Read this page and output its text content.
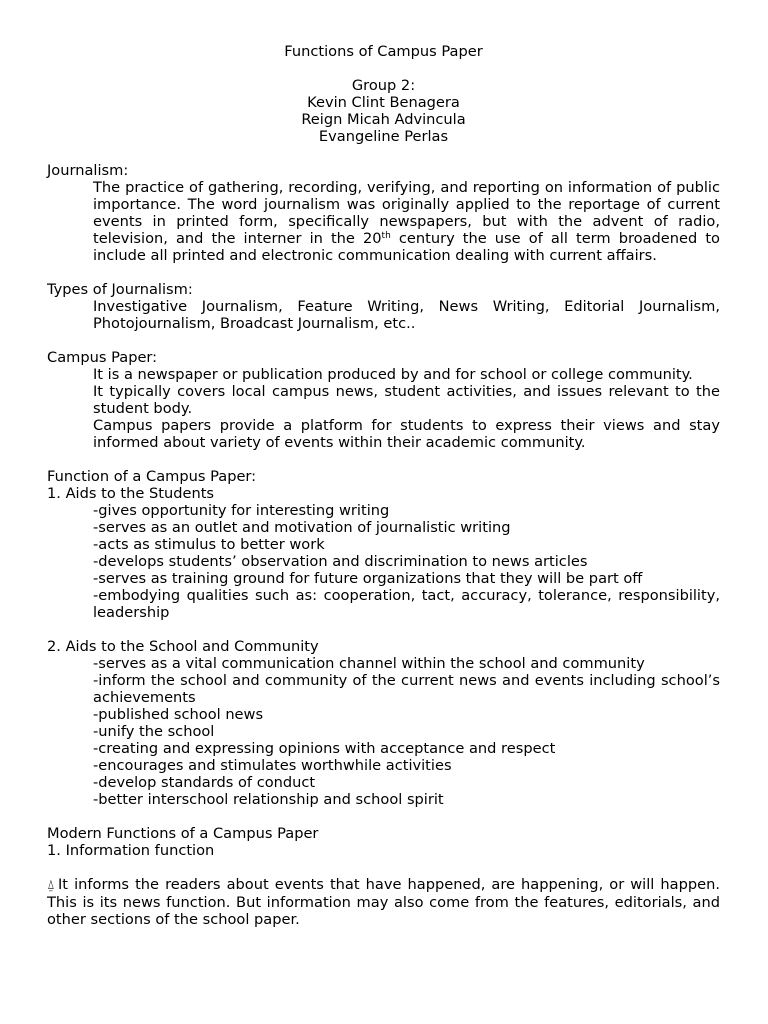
Functions of Campus Paper
Group 2:
Kevin Clint Benagera
Reign Micah Advincula
Evangeline Perlas
Journalism:
The practice of gathering, recording, verifying, and reporting on information of public importance. The word journalism was originally applied to the reportage of current events in printed form, specifically newspapers, but with the advent of radio, television, and the interner in the 20th century the use of all term broadened to include all printed and electronic communication dealing with current affairs.
Types of Journalism:
Investigative Journalism, Feature Writing, News Writing, Editorial Journalism, Photojournalism, Broadcast Journalism, etc..
Campus Paper:
It is a newspaper or publication produced by and for school or college community.
It typically covers local campus news, student activities, and issues relevant to the student body.
Campus papers provide a platform for students to express their views and stay informed about variety of events within their academic community.
Function of a Campus Paper:
1. Aids to the Students
-gives opportunity for interesting writing
-serves as an outlet and motivation of journalistic writing
-acts as stimulus to better work
-develops students’ observation and discrimination to news articles
-serves as training ground for future organizations that they will be part off
-embodying qualities such as: cooperation, tact, accuracy, tolerance, responsibility, leadership
2. Aids to the School and Community
-serves as a vital communication channel within the school and community
-inform the school and community of the current news and events including school’s achievements
-published school news
-unify the school
-creating and expressing opinions with acceptance and respect
-encourages and stimulates worthwhile activities
-develop standards of conduct
-better interschool relationship and school spirit
Modern Functions of a Campus Paper
1. Information function
⍙ It informs the readers about events that have happened, are happening, or will happen. This is its news function. But information may also come from the features, editorials, and other sections of the school paper.
